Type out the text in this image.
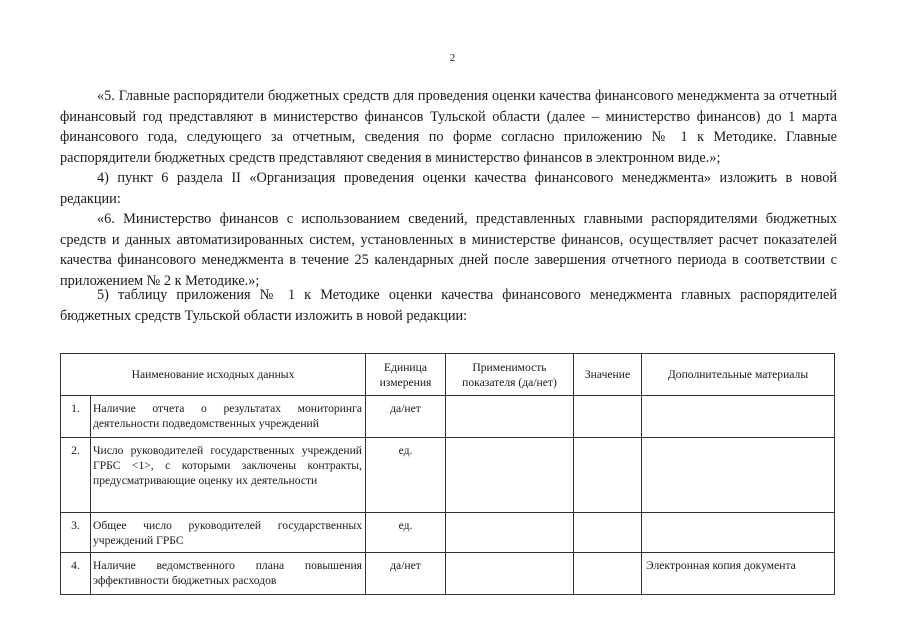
2

«5. Главные распорядители бюджетных средств для проведения оценки качества финансового менеджмента за отчетный финансовый год представляют в министерство финансов Тульской области (далее – министерство финансов) до 1 марта финансового года, следующего за отчетным, сведения по форме согласно приложению № 1 к Методике. Главные распорядители бюджетных средств представляют сведения в министерство финансов в электронном виде.»;

4) пункт 6 раздела II «Организация проведения оценки качества финансового менеджмента» изложить в новой редакции:

«6. Министерство финансов с использованием сведений, представленных главными распорядителями бюджетных средств и данных автоматизированных систем, установленных в министерстве финансов, осуществляет расчет показателей качества финансового менеджмента в течение 25 календарных дней после завершения отчетного периода в соответствии с приложением № 2 к Методике.»;

5) таблицу приложения № 1 к Методике оценки качества финансового менеджмента главных распорядителей бюджетных средств Тульской области изложить в новой редакции:

Наименование исходных данных		Единица измерения	Применимость показателя (да/нет)	Значение	Дополнительные материалы
1.	Наличие отчета о результатах мониторинга деятельности подведомственных учреждений	да/нет			
2.	Число руководителей государственных учреждений ГРБС <1>, с которыми заключены контракты, предусматривающие оценку их деятельности	ед.			
3.	Общее число руководителей государственных учреждений ГРБС	ед.			
4.	Наличие ведомственного плана повышения эффективности бюджетных расходов	да/нет			Электронная копия документа
